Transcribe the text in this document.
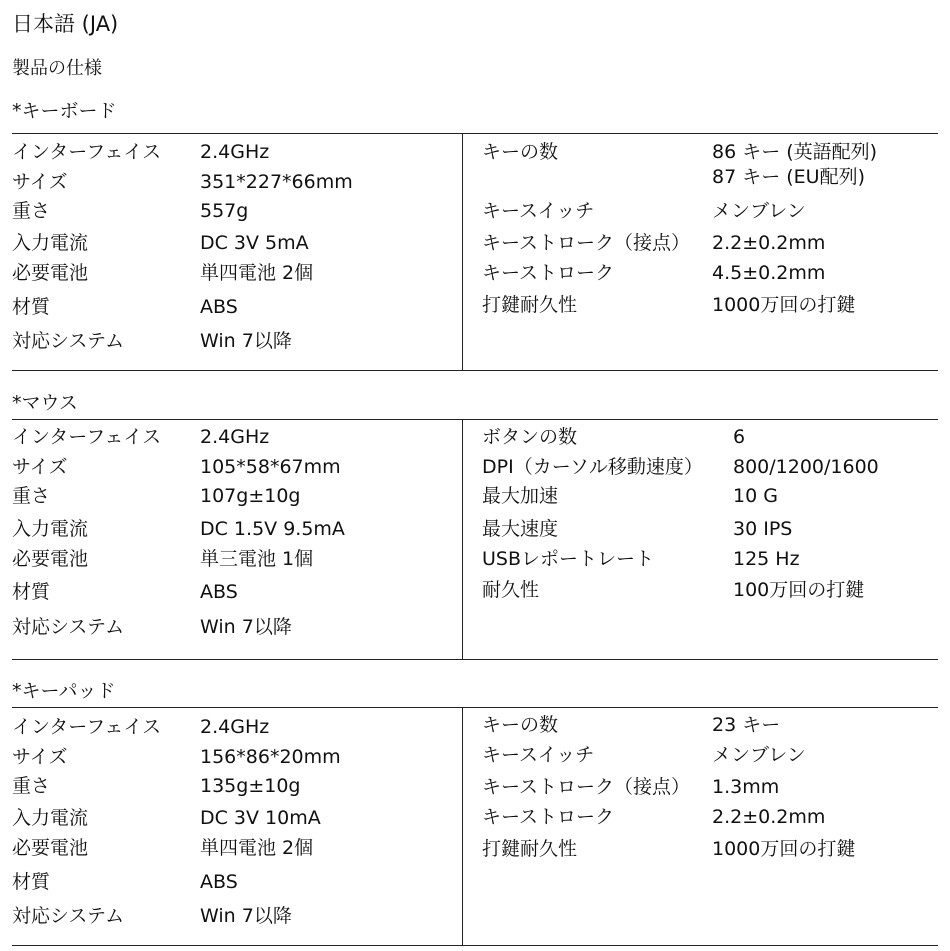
日本語 (JA)
製品の仕様
*キーボード
インターフェイス 2.4GHz
サイズ	351*227*66mm
重さ	557g
入力電流	DC 3V 5mA
必要電池	単四電池 2個
材質	ABS
対応システム	Win 7以降
キーの数	86 キー (英語配列)
87 キー (EU配列)
キースイッチ	メンブレン
キーストローク（接点） 2.2±0.2mm
キーストローク	4.5±0.2mm
打鍵耐久性	1000万回の打鍵
*マウス
インターフェイス 2.4GHz
サイズ	105*58*67mm
重さ	107g±10g
入力電流	DC 1.5V 9.5mA
必要電池	単三電池 1個
材質	ABS
対応システム	Win 7以降
ボタンの数	6
DPI（カーソル移動速度） 800/1200/1600
最大加速	10 G
最大速度	30 IPS
USBレポートレート	125 Hz
耐久性	100万回の打鍵
*キーパッド
インターフェイス 2.4GHz
サイズ	156*86*20mm
重さ	135g±10g
入力電流	DC 3V 10mA
必要電池	単四電池 2個
材質	ABS
対応システム	Win 7以降
キーの数	23 キー
キースイッチ	メンブレン
キーストローク（接点） 1.3mm
キーストローク	2.2±0.2mm
打鍵耐久性	1000万回の打鍵
